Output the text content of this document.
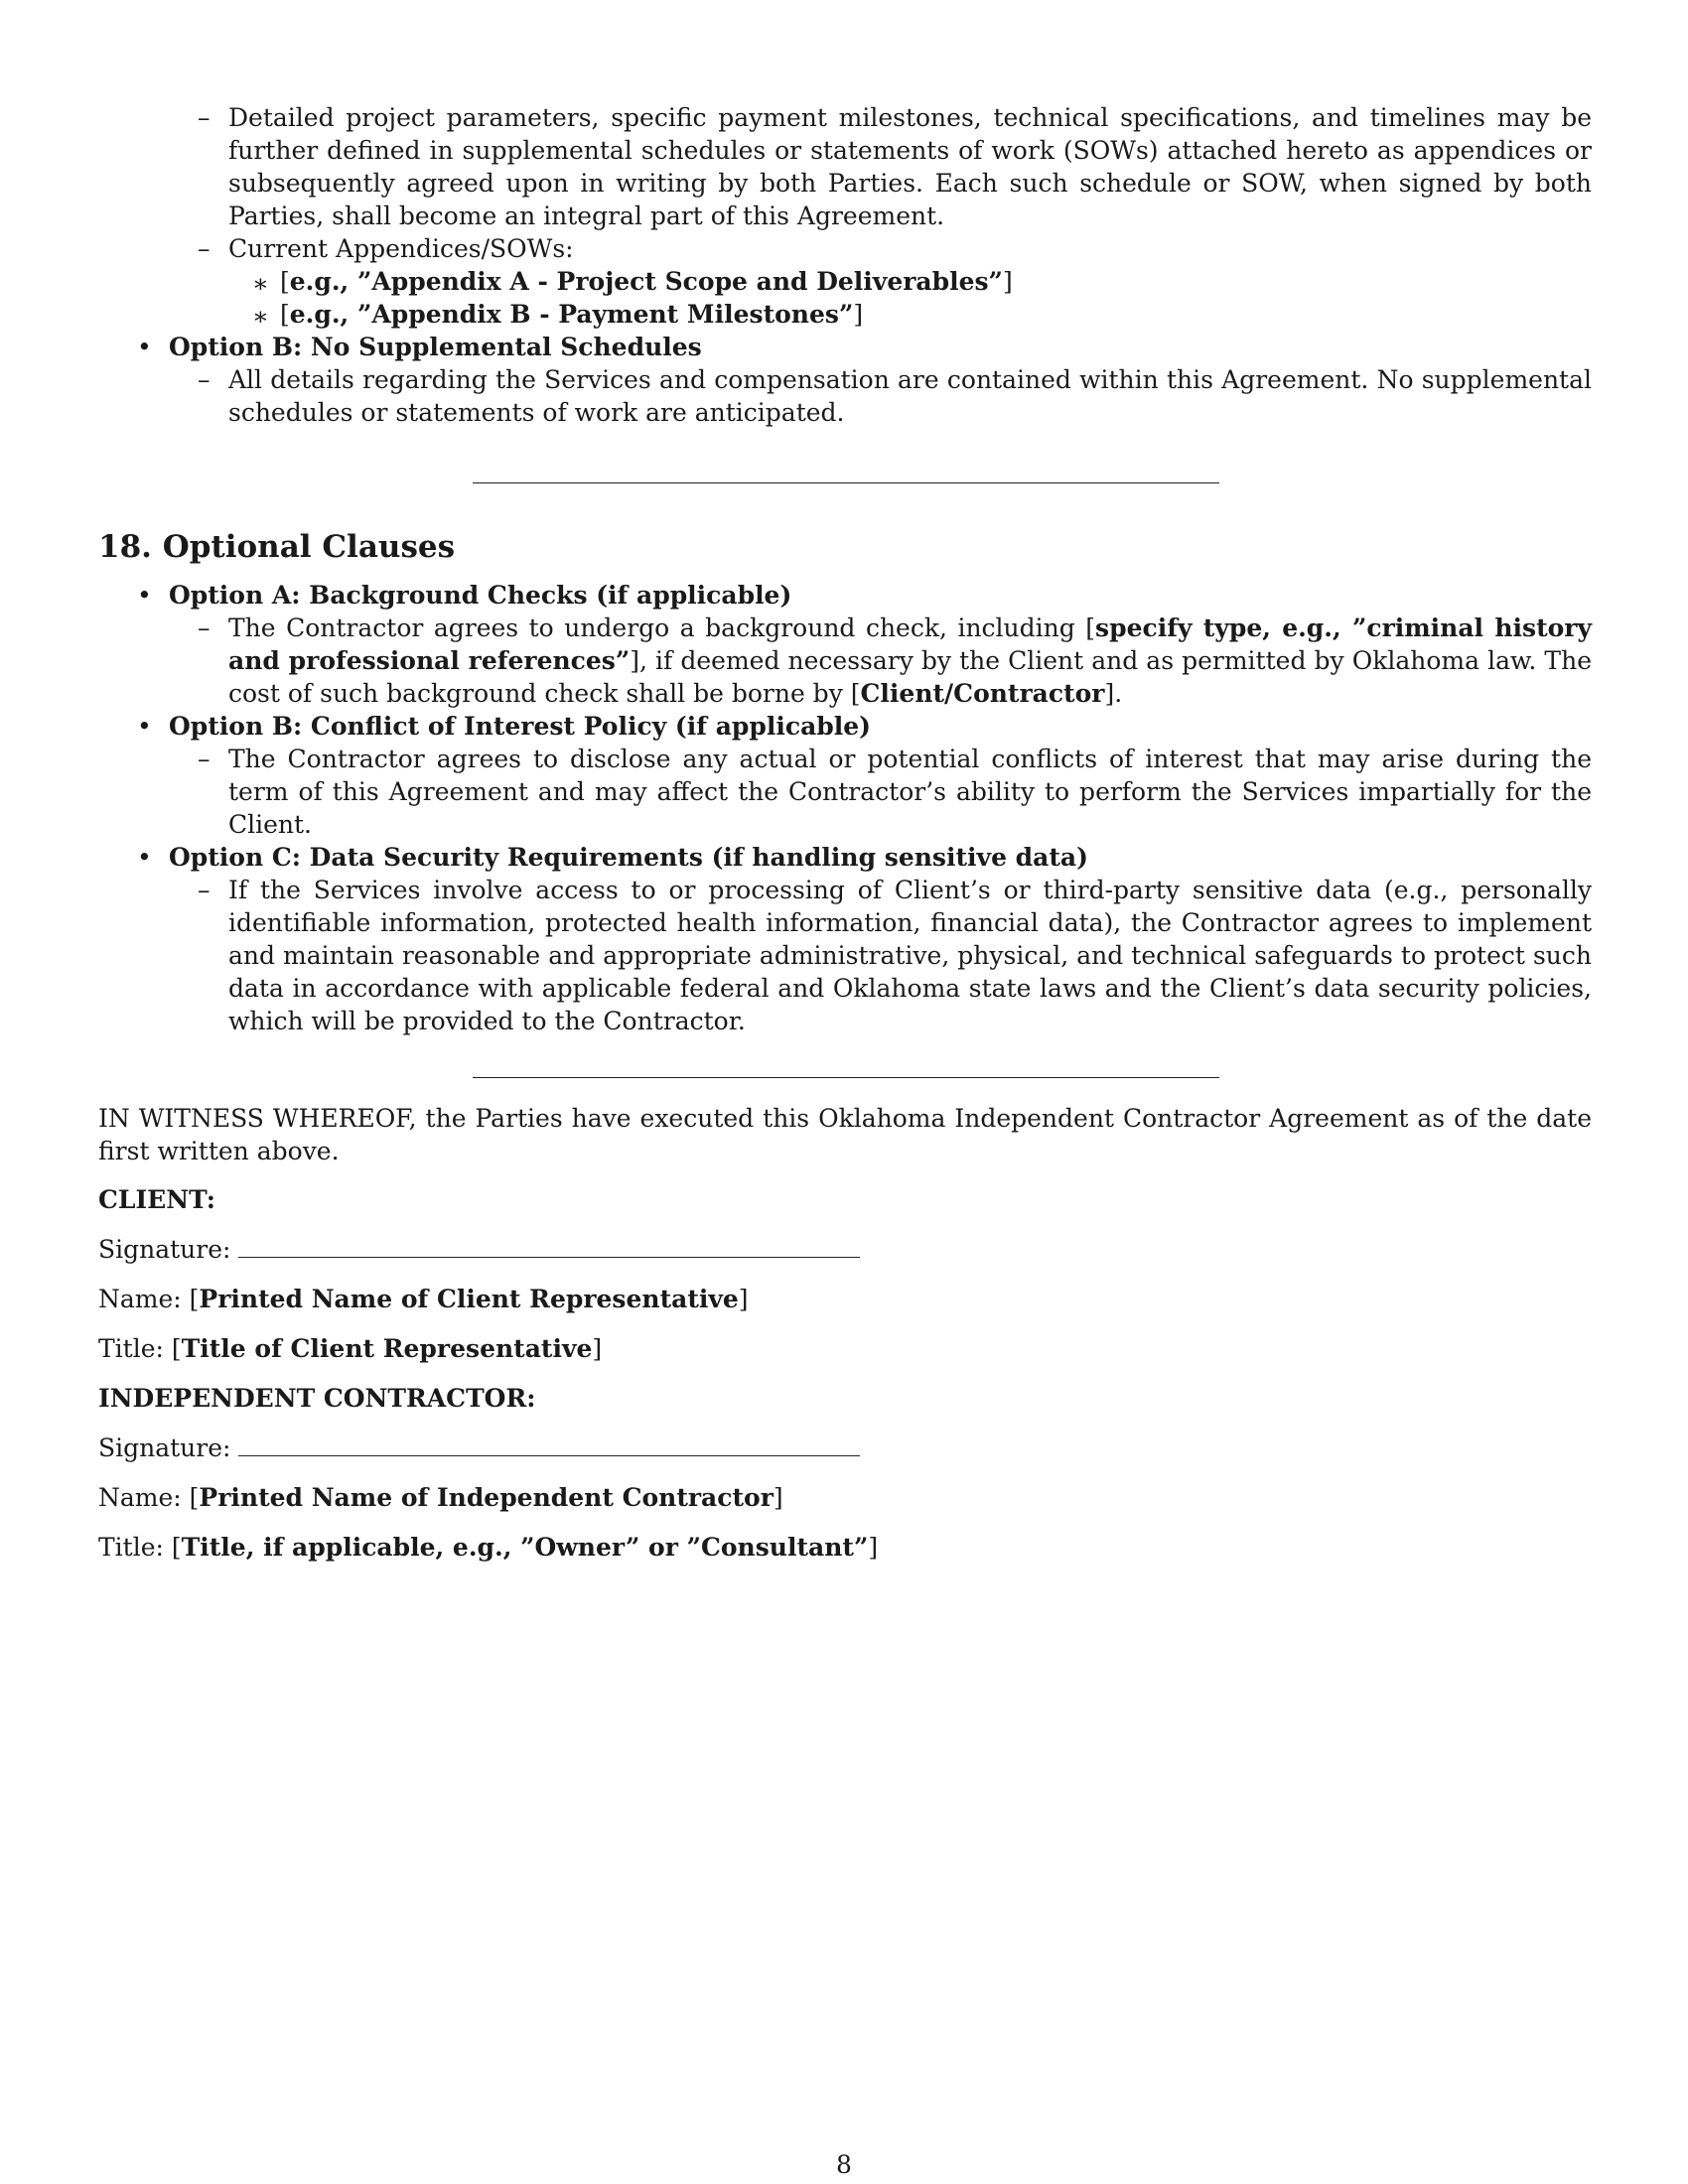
– Detailed project parameters, specific payment milestones, technical specifications, and timelines may be further defined in supplemental schedules or statements of work (SOWs) attached hereto as appendices or subsequently agreed upon in writing by both Parties. Each such schedule or SOW, when signed by both Parties, shall become an integral part of this Agreement.
– Current Appendices/SOWs:
∗ [e.g., ”Appendix A - Project Scope and Deliverables”]
∗ [e.g., ”Appendix B - Payment Milestones”]
• Option B: No Supplemental Schedules
– All details regarding the Services and compensation are contained within this Agreement. No supplemental schedules or statements of work are anticipated.
18. Optional Clauses
• Option A: Background Checks (if applicable)
– The Contractor agrees to undergo a background check, including [specify type, e.g., ”criminal history and professional references”], if deemed necessary by the Client and as permitted by Oklahoma law. The cost of such background check shall be borne by [Client/Contractor].
• Option B: Conflict of Interest Policy (if applicable)
– The Contractor agrees to disclose any actual or potential conflicts of interest that may arise during the term of this Agreement and may affect the Contractor’s ability to perform the Services impartially for the Client.
• Option C: Data Security Requirements (if handling sensitive data)
– If the Services involve access to or processing of Client’s or third-party sensitive data (e.g., personally identifiable information, protected health information, financial data), the Contractor agrees to implement and maintain reasonable and appropriate administrative, physical, and technical safeguards to protect such data in accordance with applicable federal and Oklahoma state laws and the Client’s data security policies, which will be provided to the Contractor.
IN WITNESS WHEREOF, the Parties have executed this Oklahoma Independent Contractor Agreement as of the date first written above.
CLIENT:
Signature:
Name: [Printed Name of Client Representative]
Title: [Title of Client Representative]
INDEPENDENT CONTRACTOR:
Signature:
Name: [Printed Name of Independent Contractor]
Title: [Title, if applicable, e.g., ”Owner” or ”Consultant”]
8
